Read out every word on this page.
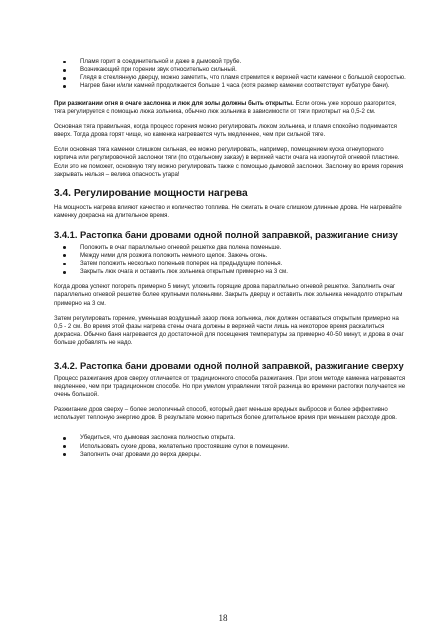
Пламя горит в соединительной и даже в дымовой трубе.
Возникающий при горении звук относительно сильный.
Глядя в стеклянную дверцу, можно заметить, что пламя стремится к верхней части каменки с большой скоростью.
Нагрев бани и/или камней продолжается больше 1 часа (хотя размер каменки соответствует кубатуре бани).

При разжигании огня в очаге заслонка и люк для золы должны быть открыты. Если огонь уже хорошо разгорится, тяга регулируется с помощью люка зольника, обычно люк зольника в зависимости от тяги приоткрыт на 0,5-2 см.

Основная тяга правильная, когда процесс горения можно регулировать люком зольника, и пламя спокойно поднимается вверх. Тогда дрова горят чище, но каменка нагревается чуть медленнее, чем при сильной тяге.

Если основная тяга каменки слишком сильная, ее можно регулировать, например, помещением куска огнеупорного кирпича или регулировочной заслонки тяги (по отдельному заказу) в верхней части очага на изогнутой огневой пластине. Если это не поможет, основную тягу можно регулировать также с помощью дымовой заслонки. Заслонку во время горения закрывать нельзя – велика опасность угара!

3.4. Регулирование мощности нагрева

На мощность нагрева влияют качество и количество топлива. Не сжигать в очаге слишком длинные дрова. Не нагревайте каменку докрасна на длительное время.

3.4.1. Растопка бани дровами одной полной заправкой, разжигание снизу
Положить в очаг параллельно огневой решетке два полена поменьше.
Между ними для розжига положить немного щепок. Зажечь огонь.
Затем положить несколько поленьев поперек на предыдущие поленья.
Закрыть люк очага и оставить люк зольника открытым примерно на 3 см.

Когда дрова успеют погореть примерно 5 минут, уложить горящие дрова параллельно огневой решетке. Заполнить очаг параллельно огневой решетке более крупными поленьями. Закрыть дверцу и оставить люк зольника ненадолго открытым примерно на 3 см.

Затем регулировать горение, уменьшая воздушный зазор люка зольника, люк должен оставаться открытым примерно на 0,5 - 2 см. Во время этой фазы нагрева стены очага должны в верхней части лишь на некоторое время раскалиться докрасна. Обычно баня нагревается до достаточной для посещения температуры за примерно 40-50 минут, и дрова в очаг больше добавлять не надо.

3.4.2. Растопка бани дровами одной полной заправкой, разжигание сверху

Процесс разжигания дров сверху отличается от традиционного способа разжигания. При этом методе каменка нагревается медленнее, чем при традиционном способе. Но при умелом управлении тягой разница во времени растопки получается не очень большой.

Разжигание дров сверху – более экологичный способ, который дает меньше вредных выбросов и более эффективно использует теплоную энергию дров. В результате можно париться более длительное время при меньшем расходе дров.

Убедиться, что дымовая заслонка полностью открыта.
Использовать сухие дрова, желательно простоявшие сутки в помещении.
Заполнить очаг дровами до верха дверцы.
18
